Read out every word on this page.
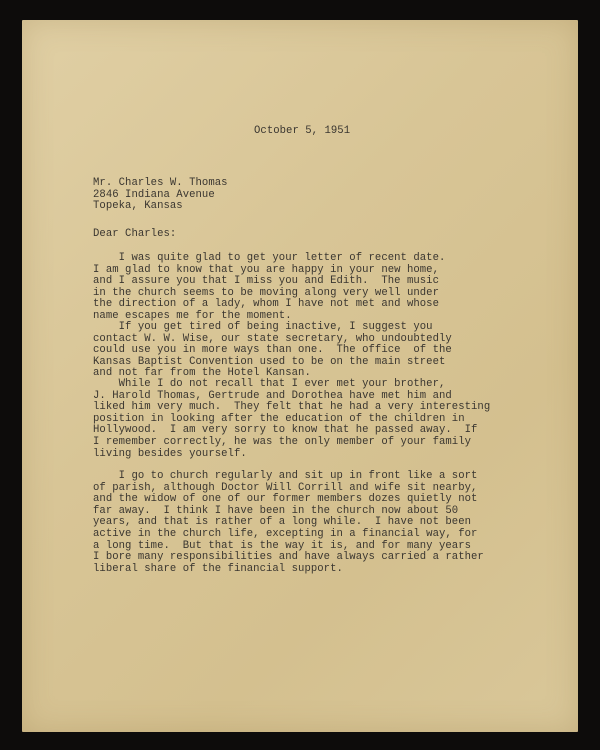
October 5, 1951
Mr. Charles W. Thomas
2846 Indiana Avenue
Topeka, Kansas
Dear Charles:
I was quite glad to get your letter of recent date.
I am glad to know that you are happy in your new home,
and I assure you that I miss you and Edith.  The music
in the church seems to be moving along very well under
the direction of a lady, whom I have not met and whose
name escapes me for the moment.
If you get tired of being inactive, I suggest you
contact W. W. Wise, our state secretary, who undoubtedly
could use you in more ways than one.  The office  of the
Kansas Baptist Convention used to be on the main street
and not far from the Hotel Kansan.
While I do not recall that I ever met your brother,
J. Harold Thomas, Gertrude and Dorothea have met him and
liked him very much.  They felt that he had a very interesting
position in looking after the education of the children in
Hollywood.  I am very sorry to know that he passed away.  If
I remember correctly, he was the only member of your family
living besides yourself.
I go to church regularly and sit up in front like a sort
of parish, although Doctor Will Corrill and wife sit nearby,
and the widow of one of our former members dozes quietly not
far away.  I think I have been in the church now about 50
years, and that is rather of a long while.  I have not been
active in the church life, excepting in a financial way, for
a long time.  But that is the way it is, and for many years
I bore many responsibilities and have always carried a rather
liberal share of the financial support.
